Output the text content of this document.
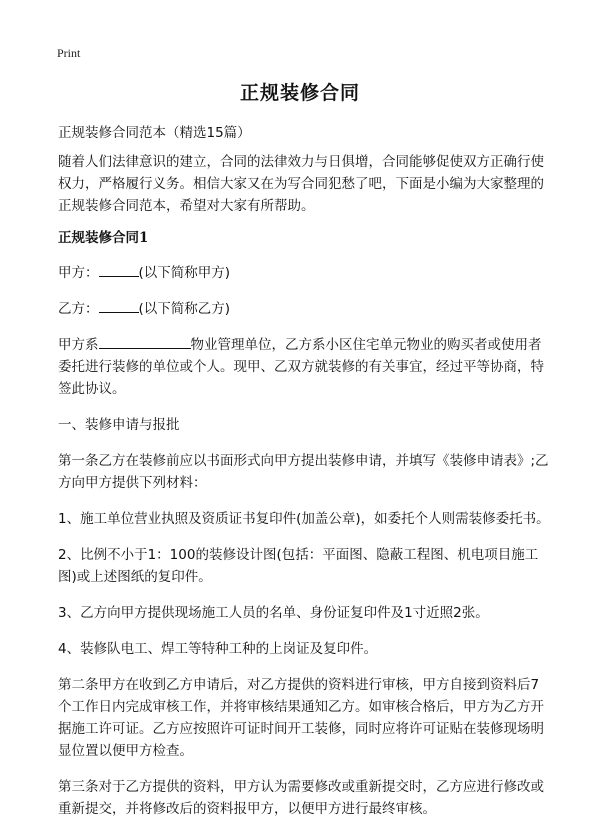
Print
正规装修合同

正规装修合同范本（精选15篇）

随着人们法律意识的建立，合同的法律效力与日俱增，合同能够促使双方正确行使权力，严格履行义务。相信大家又在为写合同犯愁了吧，下面是小编为大家整理的正规装修合同范本，希望对大家有所帮助。

正规装修合同1

甲方：	(以下简称甲方)

乙方：	(以下简称乙方)

甲方系	物业管理单位，乙方系小区住宅单元物业的购买者或使用者委托进行装修的单位或个人。现甲、乙双方就装修的有关事宜，经过平等协商，特签此协议。

一、装修申请与报批

第一条乙方在装修前应以书面形式向甲方提出装修申请，并填写《装修申请表》;乙方向甲方提供下列材料：

1、施工单位营业执照及资质证书复印件(加盖公章)，如委托个人则需装修委托书。

2、比例不小于1：100的装修设计图(包括：平面图、隐蔽工程图、机电项目施工图)或上述图纸的复印件。

3、乙方向甲方提供现场施工人员的名单、身份证复印件及1寸近照2张。

4、装修队电工、焊工等特种工种的上岗证及复印件。

第二条甲方在收到乙方申请后，对乙方提供的资料进行审核，甲方自接到资料后7个工作日内完成审核工作，并将审核结果通知乙方。如审核合格后，甲方为乙方开据施工许可证。乙方应按照许可证时间开工装修，同时应将许可证贴在装修现场明显位置以便甲方检查。

第三条对于乙方提供的资料，甲方认为需要修改或重新提交时，乙方应进行修改或重新提交，并将修改后的资料报甲方，以便甲方进行最终审核。
